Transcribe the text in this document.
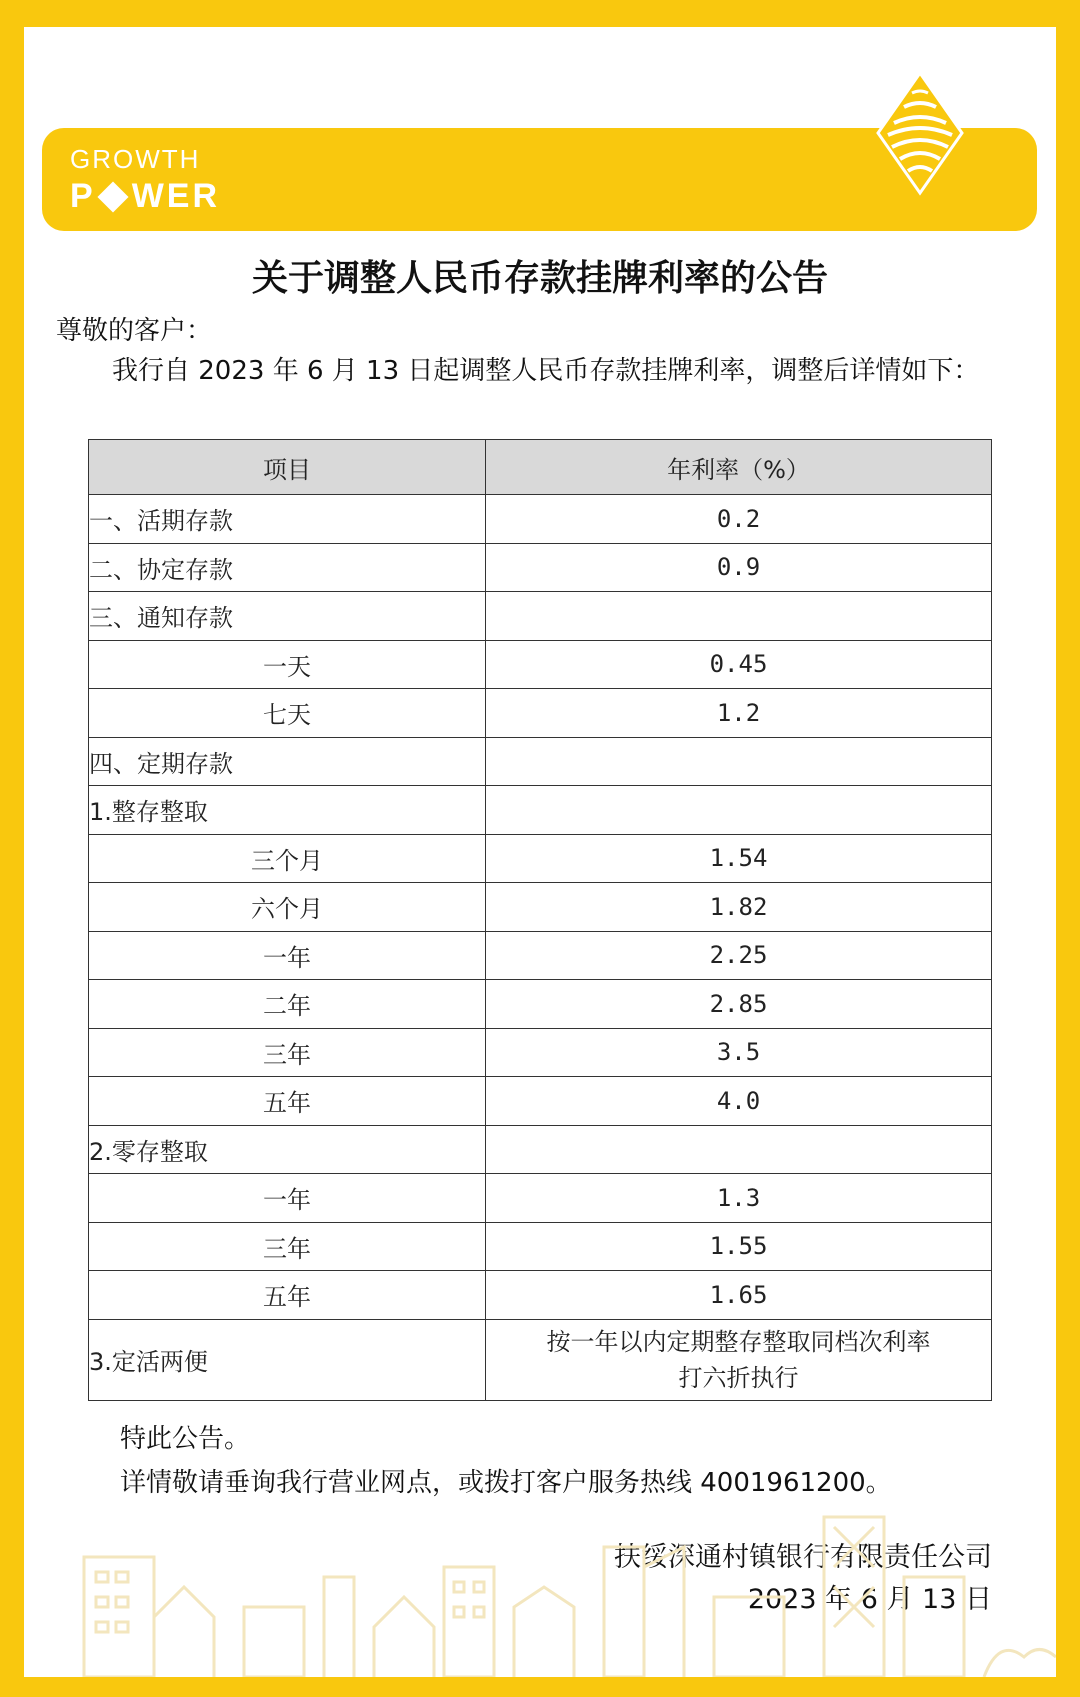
GROWTH
P WER
关于调整人民币存款挂牌利率的公告
尊敬的客户：
我行自 2023 年 6 月 13 日起调整人民币存款挂牌利率，调整后详情如下：
项目	年利率（%）
一、活期存款	0.2
二、协定存款	0.9
三、通知存款	
一天	0.45
七天	1.2
四、定期存款	
1.整存整取	
三个月	1.54
六个月	1.82
一年	2.25
二年	2.85
三年	3.5
五年	4.0
2.零存整取	
一年	1.3
三年	1.55
五年	1.65
3.定活两便	按一年以内定期整存整取同档次利率
打六折执行
特此公告。
详情敬请垂询我行营业网点，或拨打客户服务热线 4001961200。
扶绥深通村镇银行有限责任公司
2023 年 6 月 13 日
